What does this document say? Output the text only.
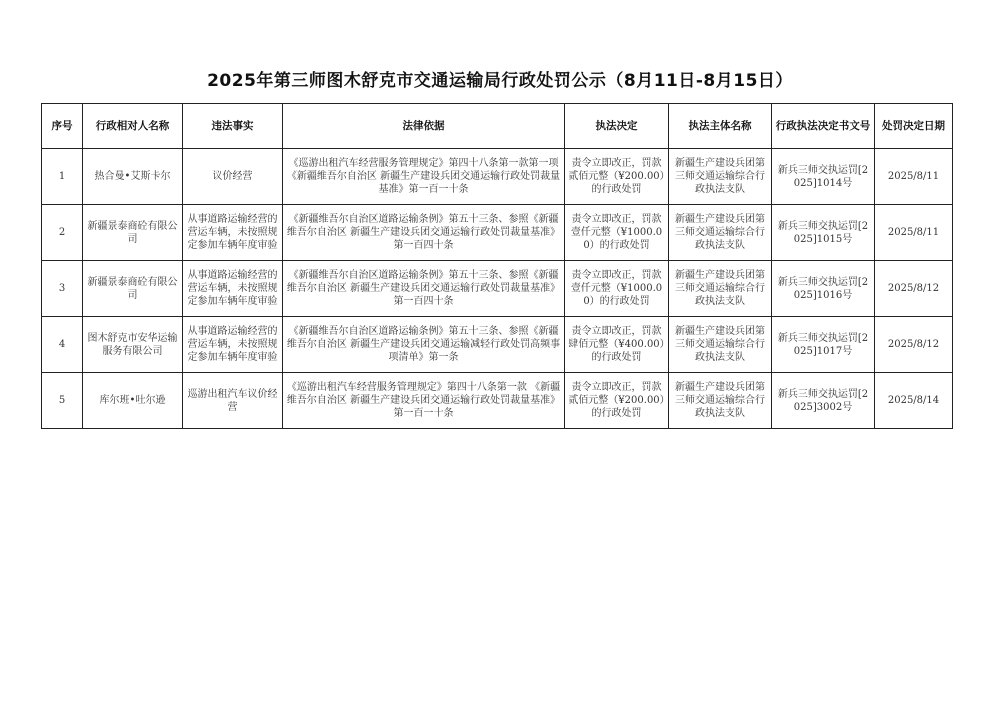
2025年第三师图木舒克市交通运输局行政处罚公示（8月11日-8月15日）
序号	行政相对人名称	违法事实	法律依据	执法决定	执法主体名称	行政执法决定书文号	处罚决定日期
1	热合曼•艾斯卡尔	议价经营	《巡游出租汽车经营服务管理规定》第四十八条第一款第一项 《新疆维吾尔自治区 新疆生产建设兵团交通运输行政处罚裁量基准》第一百一十条	责令立即改正，罚款贰佰元整（¥200.00）的行政处罚	新疆生产建设兵团第三师交通运输综合行政执法支队	新兵三师交执运罚[2025]1014号	2025/8/11
2	新疆景泰商砼有限公司	从事道路运输经营的营运车辆，未按照规定参加车辆年度审验	《新疆维吾尔自治区道路运输条例》第五十三条、参照《新疆维吾尔自治区 新疆生产建设兵团交通运输行政处罚裁量基准》第一百四十条	责令立即改正，罚款壹仟元整（¥1000.00）的行政处罚	新疆生产建设兵团第三师交通运输综合行政执法支队	新兵三师交执运罚[2025]1015号	2025/8/11
3	新疆景泰商砼有限公司	从事道路运输经营的营运车辆，未按照规定参加车辆年度审验	《新疆维吾尔自治区道路运输条例》第五十三条、参照《新疆维吾尔自治区 新疆生产建设兵团交通运输行政处罚裁量基准》第一百四十条	责令立即改正，罚款壹仟元整（¥1000.00）的行政处罚	新疆生产建设兵团第三师交通运输综合行政执法支队	新兵三师交执运罚[2025]1016号	2025/8/12
4	图木舒克市安华运输服务有限公司	从事道路运输经营的营运车辆，未按照规定参加车辆年度审验	《新疆维吾尔自治区道路运输条例》第五十三条、参照《新疆维吾尔自治区 新疆生产建设兵团交通运输减轻行政处罚高频事项清单》第一条	责令立即改正，罚款肆佰元整（¥400.00）的行政处罚	新疆生产建设兵团第三师交通运输综合行政执法支队	新兵三师交执运罚[2025]1017号	2025/8/12
5	库尔班•吐尔逊	巡游出租汽车议价经营	《巡游出租汽车经营服务管理规定》第四十八条第一款 《新疆维吾尔自治区 新疆生产建设兵团交通运输行政处罚裁量基准》第一百一十条	责令立即改正，罚款贰佰元整（¥200.00）的行政处罚	新疆生产建设兵团第三师交通运输综合行政执法支队	新兵三师交执运罚[2025]3002号	2025/8/14
